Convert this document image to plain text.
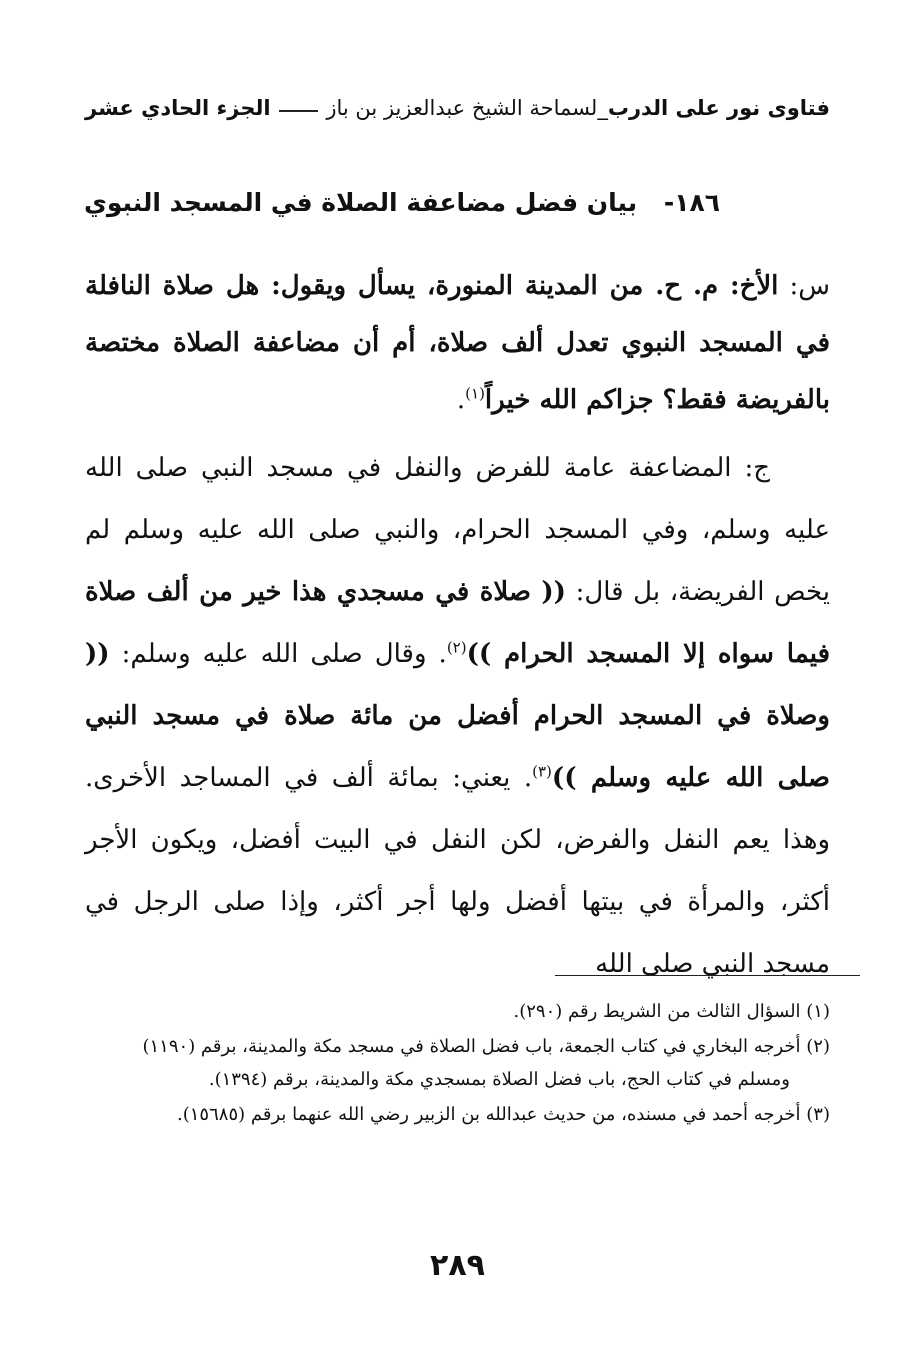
فتاوى نور على الدرب
_
لسماحة الشيخ عبدالعزيز بن باز
الجزء الحادي عشر
١٨٦- بيان فضل مضاعفة الصلاة في المسجد النبوي
س: الأخ: م. ح. من المدينة المنورة، يسأل ويقول: هل صلاة النافلة في المسجد النبوي تعدل ألف صلاة، أم أن مضاعفة الصلاة مختصة بالفريضة فقط؟ جزاكم الله خيراً$^{(١)}$.
ج: المضاعفة عامة للفرض والنفل في مسجد النبي صلى الله عليه وسلم، وفي المسجد الحرام، والنبي صلى الله عليه وسلم لم يخص الفريضة، بل قال: (( صلاة في مسجدي هذا خير من ألف صلاة فيما سواه إلا المسجد الحرام ))$^{(٢)}$. وقال صلى الله عليه وسلم: (( وصلاة في المسجد الحرام أفضل من مائة صلاة في مسجد النبي صلى الله عليه وسلم ))$^{(٣)}$. يعني: بمائة ألف في المساجد الأخرى. وهذا يعم النفل والفرض، لكن النفل في البيت أفضل، ويكون الأجر أكثر، والمرأة في بيتها أفضل ولها أجر أكثر، وإذا صلى الرجل في مسجد النبي صلى الله
(١) السؤال الثالث من الشريط رقم (٢٩٠).
(٢) أخرجه البخاري في كتاب الجمعة، باب فضل الصلاة في مسجد مكة والمدينة، برقم (١١٩٠)
ومسلم في كتاب الحج، باب فضل الصلاة بمسجدي مكة والمدينة، برقم (١٣٩٤).
(٣) أخرجه أحمد في مسنده، من حديث عبدالله بن الزبير رضي الله عنهما برقم (١٥٦٨٥).
٢٨٩
